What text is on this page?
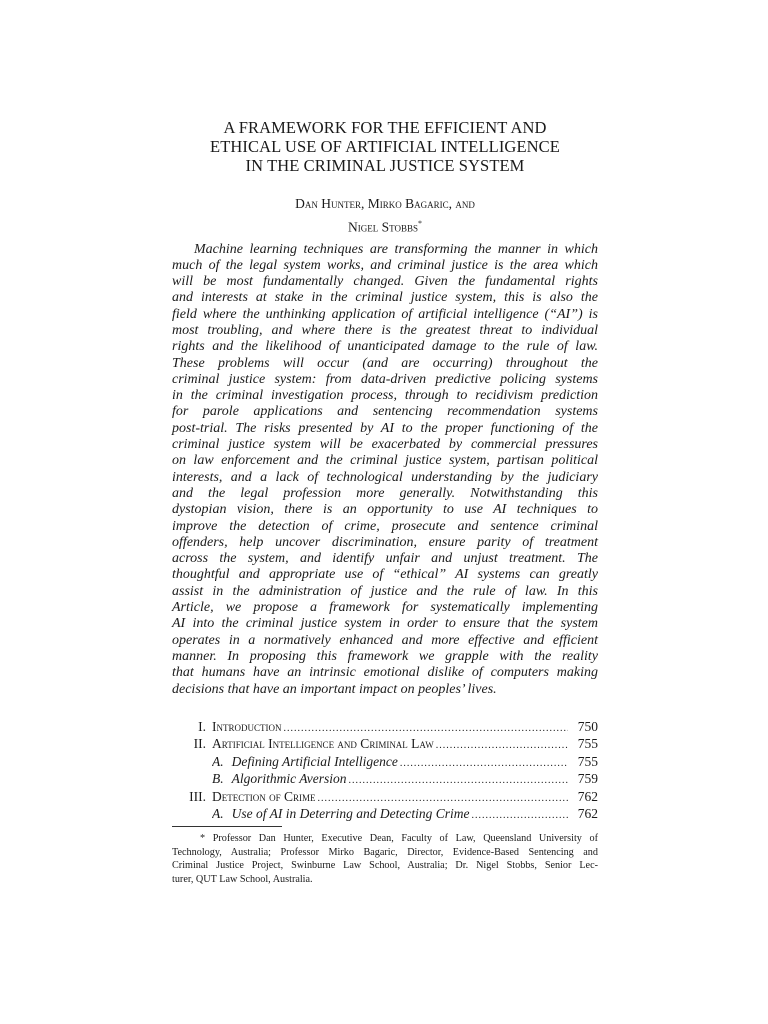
A FRAMEWORK FOR THE EFFICIENT AND
ETHICAL USE OF ARTIFICIAL INTELLIGENCE
IN THE CRIMINAL JUSTICE SYSTEM
Dan Hunter, Mirko Bagaric, and
Nigel Stobbs*
Machine learning techniques are transforming the manner in which
much of the legal system works, and criminal justice is the area which
will be most fundamentally changed. Given the fundamental rights
and interests at stake in the criminal justice system, this is also the
field where the unthinking application of artificial intelligence (“AI”) is
most troubling, and where there is the greatest threat to individual
rights and the likelihood of unanticipated damage to the rule of law.
These problems will occur (and are occurring) throughout the
criminal justice system: from data-driven predictive policing systems
in the criminal investigation process, through to recidivism prediction
for parole applications and sentencing recommendation systems
post-trial. The risks presented by AI to the proper functioning of the
criminal justice system will be exacerbated by commercial pressures
on law enforcement and the criminal justice system, partisan political
interests, and a lack of technological understanding by the judiciary
and the legal profession more generally. Notwithstanding this
dystopian vision, there is an opportunity to use AI techniques to
improve the detection of crime, prosecute and sentence criminal
offenders, help uncover discrimination, ensure parity of treatment
across the system, and identify unfair and unjust treatment. The
thoughtful and appropriate use of “ethical” AI systems can greatly
assist in the administration of justice and the rule of law. In this
Article, we propose a framework for systematically implementing
AI into the criminal justice system in order to ensure that the system
operates in a normatively enhanced and more effective and efficient
manner. In proposing this framework we grapple with the reality
that humans have an intrinsic emotional dislike of computers making
decisions that have an important impact on peoples’ lives.
I. Introduction .....	750
II. Artificial Intelligence and Criminal Law .....	755
A. Defining Artificial Intelligence .....	755
B. Algorithmic Aversion .....	759
III. Detection of Crime .....	762
A. Use of AI in Deterring and Detecting Crime .....	762
* Professor Dan Hunter, Executive Dean, Faculty of Law, Queensland University of
Technology, Australia; Professor Mirko Bagaric, Director, Evidence-Based Sentencing and
Criminal Justice Project, Swinburne Law School, Australia; Dr. Nigel Stobbs, Senior Lec-
turer, QUT Law School, Australia.
